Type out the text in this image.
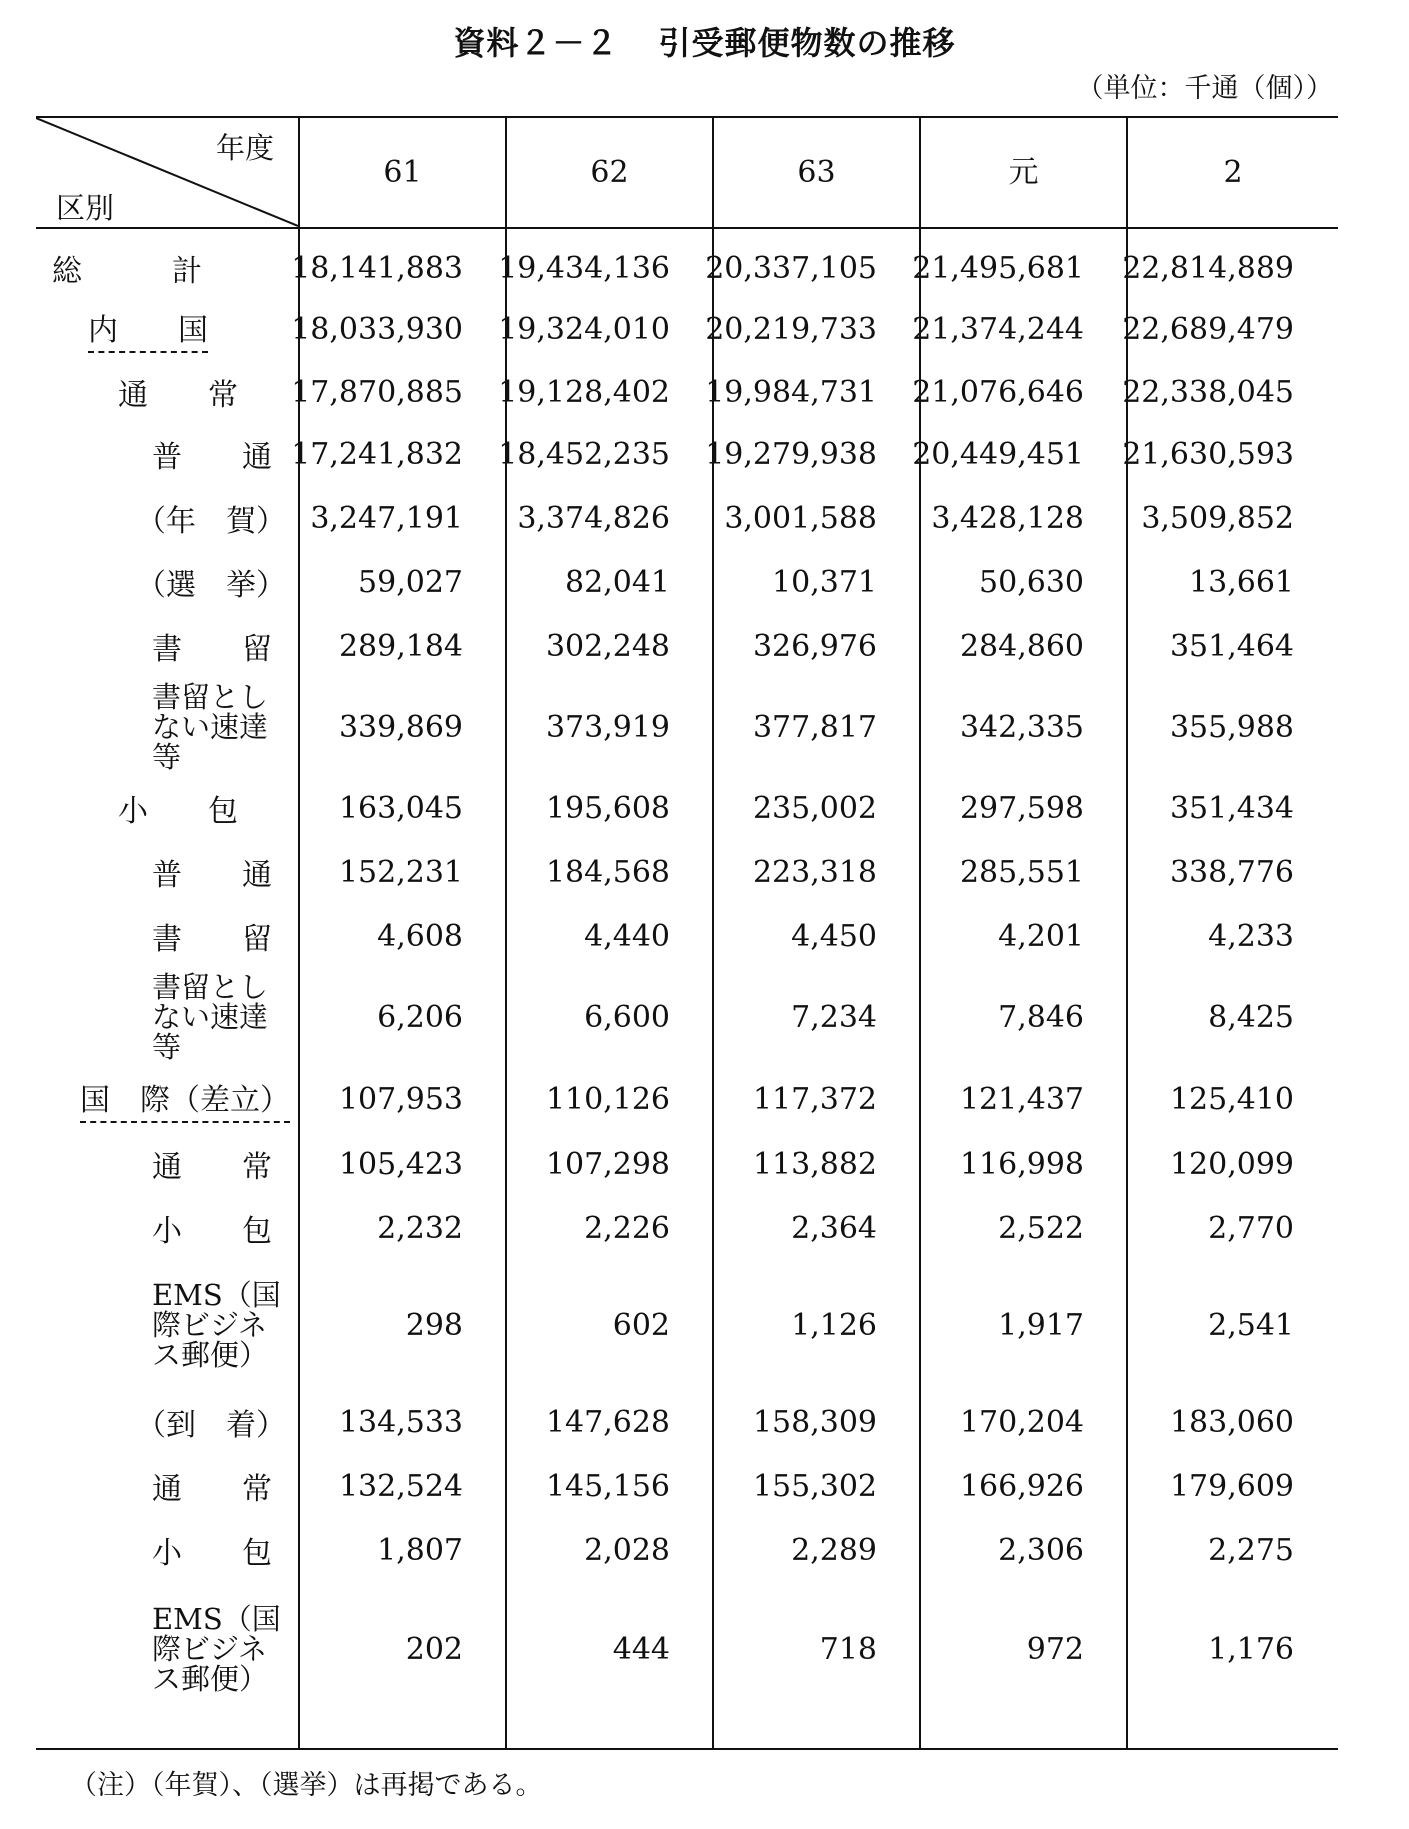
資料２－２ 引受郵便物数の推移
（単位：千通（個））
年度
区別
61	62	63	元	2
総　　　計	18,141,883	19,434,136	20,337,105	21,495,681	22,814,889
内　　国	18,033,930	19,324,010	20,219,733	21,374,244	22,689,479
通　　常	17,870,885	19,128,402	19,984,731	21,076,646	22,338,045
普　　通 17,241,832	18,452,235	19,279,938	20,449,451	21,630,593
（年　賀） 3,247,191	3,374,826	3,001,588	3,428,128	3,509,852
（選　挙）	59,027	82,041	10,371	50,630	13,661
書　　留	289,184	302,248	326,976	284,860	351,464
書留とし
ない速達等
339,869	373,919	377,817	342,335	355,988
小　　包	163,045	195,608	235,002	297,598	351,434
普　　通	152,231	184,568	223,318	285,551	338,776
書　　留	4,608	4,440	4,450	4,201	4,233
書留とし
ない速達等
6,206	6,600	7,234	7,846	8,425
国　際（差立）	107,953	110,126	117,372	121,437	125,410
通　　常	105,423	107,298	113,882	116,998	120,099
小　　包	2,232	2,226	2,364	2,522	2,770
EMS（国
際ビジネ
ス郵便）
298	602	1,126	1,917	2,541
（到　着）	134,533	147,628	158,309	170,204	183,060
通　　常	132,524	145,156	155,302	166,926	179,609
小　　包	1,807	2,028	2,289	2,306	2,275
EMS（国
際ビジネ
ス郵便）
202	444	718	972	1,176
（注）（年賀）、（選挙）は再掲である。
